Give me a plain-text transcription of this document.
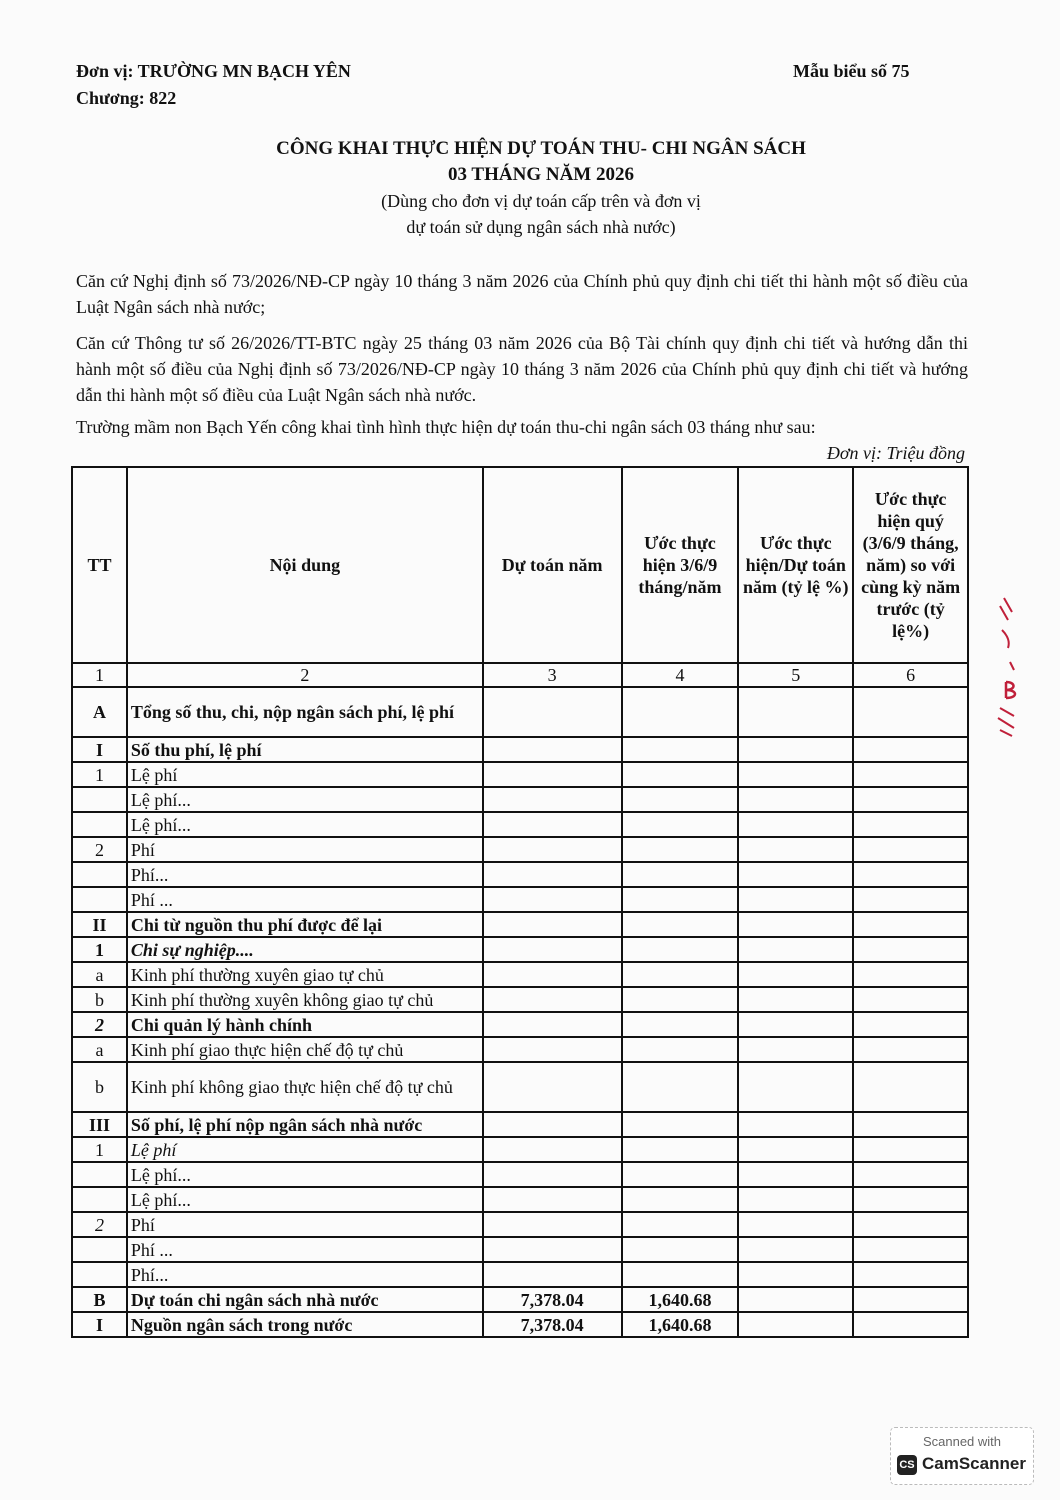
Đơn vị: TRƯỜNG MN BẠCH YÊN
Chương: 822
Mẫu biểu số 75
CÔNG KHAI THỰC HIỆN DỰ TOÁN THU- CHI NGÂN SÁCH
03 THÁNG NĂM 2026
(Dùng cho đơn vị dự toán cấp trên và đơn vị
dự toán sử dụng ngân sách nhà nước)
Căn cứ Nghị định số 73/2026/NĐ-CP ngày 10 tháng 3 năm 2026 của Chính phủ quy định chi tiết thi hành một số điều của Luật Ngân sách nhà nước;
Căn cứ Thông tư số 26/2026/TT-BTC ngày 25 tháng 03 năm 2026 của Bộ Tài chính quy định chi tiết và hướng dẫn thi hành một số điều của Nghị định số 73/2026/NĐ-CP ngày 10 tháng 3 năm 2026 của Chính phủ quy định chi tiết và hướng dẫn thi hành một số điều của Luật Ngân sách nhà nước.
Trường mầm non Bạch Yến công khai tình hình thực hiện dự toán thu-chi ngân sách 03 tháng như sau:
Đơn vị: Triệu đồng
TT	Nội dung	Dự toán năm	Ước thực hiện 3/6/9 tháng/năm	Ước thực hiện/Dự toán năm (tỷ lệ %)	Ước thực hiện quý (3/6/9 tháng, năm) so với cùng kỳ năm trước (tỷ lệ%)
1	2	3	4	5	6
A	Tổng số thu, chi, nộp ngân sách phí, lệ phí				
I	Số thu phí, lệ phí				
1	Lệ phí				
	Lệ phí...				
	Lệ phí...				
2	Phí				
	Phí...				
	Phí ...				
II	Chi từ nguồn thu phí được để lại				
1	Chi sự nghiệp....				
a	Kinh phí thường xuyên giao tự chủ				
b	Kinh phí thường xuyên không giao tự chủ				
2	Chi quản lý hành chính				
a	Kinh phí giao thực hiện chế độ tự chủ				
b	Kinh phí không giao thực hiện chế độ tự chủ				
III	Số phí, lệ phí nộp ngân sách nhà nước				
1	Lệ phí				
	Lệ phí...				
	Lệ phí...				
2	Phí				
	Phí ...				
	Phí...				
B	Dự toán chi ngân sách nhà nước	7,378.04	1,640.68		
I	Nguồn ngân sách trong nước	7,378.04	1,640.68		
Scanned with
CS CamScanner
